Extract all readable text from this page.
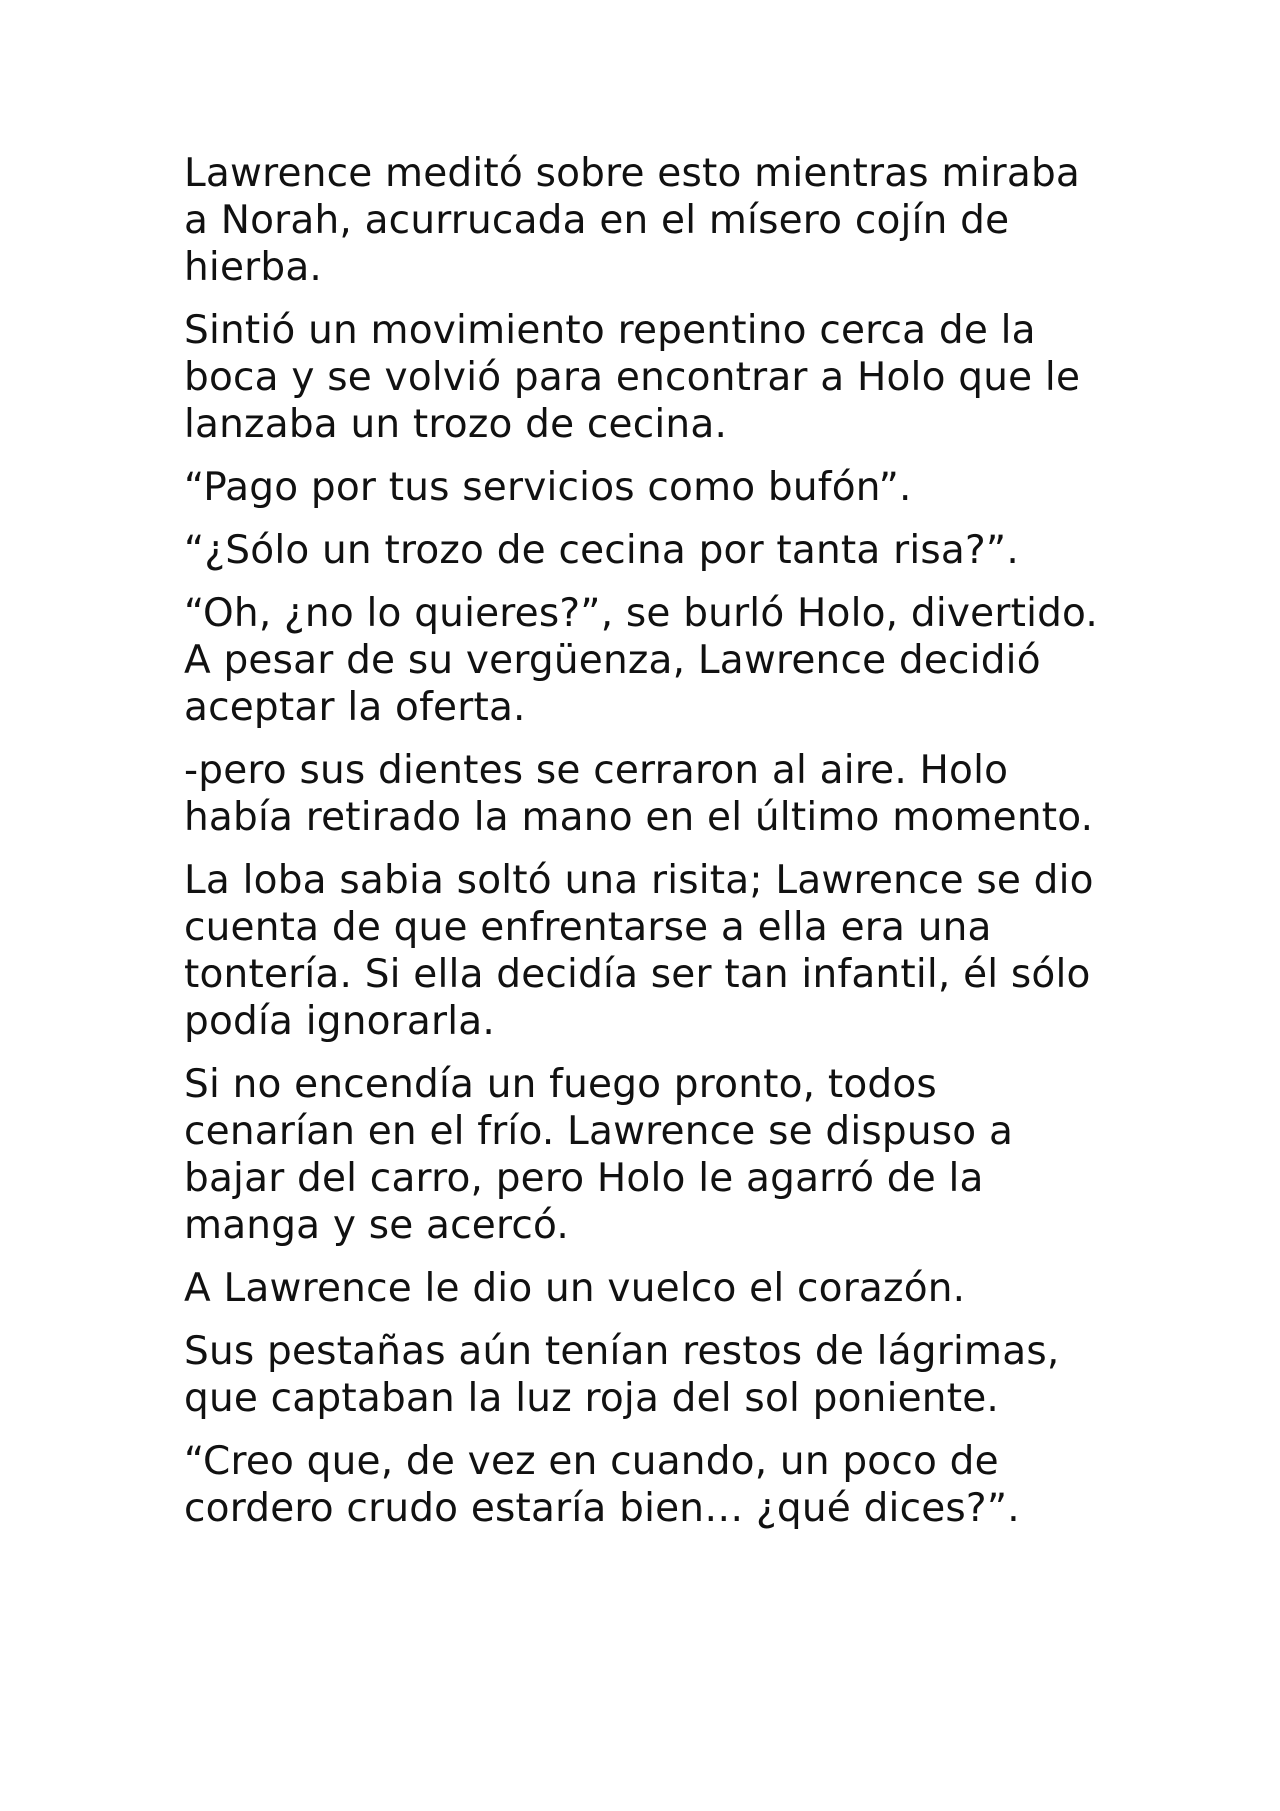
Lawrence meditó sobre esto mientras miraba
a Norah, acurrucada en el mísero cojín de
hierba.

Sintió un movimiento repentino cerca de la
boca y se volvió para encontrar a Holo que le
lanzaba un trozo de cecina.

“Pago por tus servicios como bufón”.

“¿Sólo un trozo de cecina por tanta risa?”.

“Oh, ¿no lo quieres?”, se burló Holo, divertido.
A pesar de su vergüenza, Lawrence decidió
aceptar la oferta.

-pero sus dientes se cerraron al aire. Holo
había retirado la mano en el último momento.

La loba sabia soltó una risita; Lawrence se dio
cuenta de que enfrentarse a ella era una
tontería. Si ella decidía ser tan infantil, él sólo
podía ignorarla.

Si no encendía un fuego pronto, todos
cenarían en el frío. Lawrence se dispuso a
bajar del carro, pero Holo le agarró de la
manga y se acercó.

A Lawrence le dio un vuelco el corazón.

Sus pestañas aún tenían restos de lágrimas,
que captaban la luz roja del sol poniente.

“Creo que, de vez en cuando, un poco de
cordero crudo estaría bien… ¿qué dices?”.
